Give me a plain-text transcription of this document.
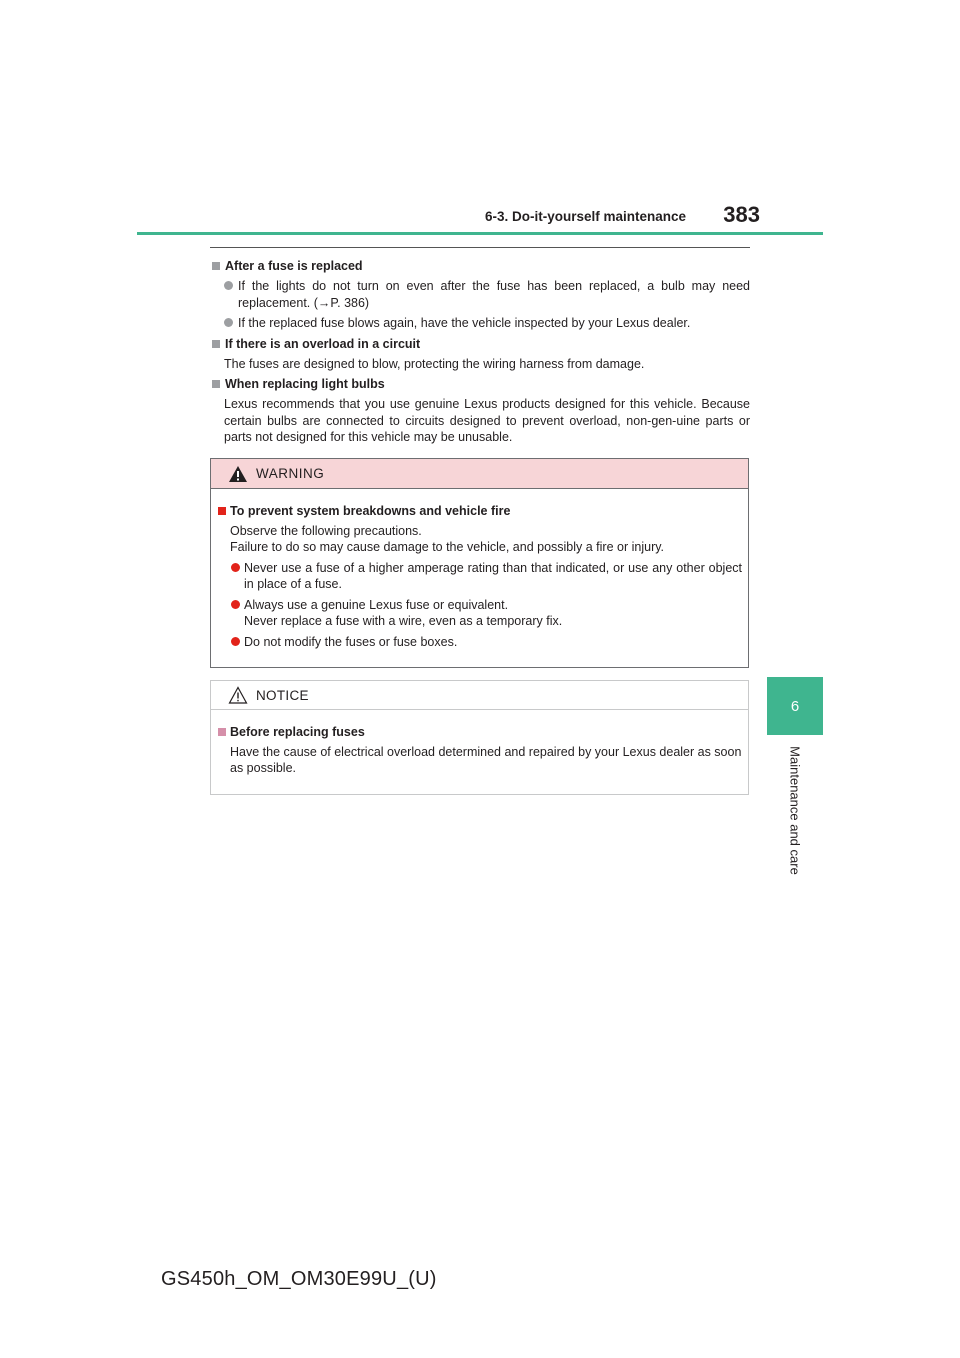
6-3. Do-it-yourself maintenance	383
6
Maintenance and care
After a fuse is replaced
If the lights do not turn on even after the fuse has been replaced, a bulb may need replacement. (→P. 386)
If the replaced fuse blows again, have the vehicle inspected by your Lexus dealer.
If there is an overload in a circuit
The fuses are designed to blow, protecting the wiring harness from damage.
When replacing light bulbs
Lexus recommends that you use genuine Lexus products designed for this vehicle. Because certain bulbs are connected to circuits designed to prevent overload, non-gen-uine parts or parts not designed for this vehicle may be unusable.
WARNING
To prevent system breakdowns and vehicle fire
Observe the following precautions.
Failure to do so may cause damage to the vehicle, and possibly a fire or injury.
Never use a fuse of a higher amperage rating than that indicated, or use any other object in place of a fuse.
Always use a genuine Lexus fuse or equivalent.
Never replace a fuse with a wire, even as a temporary fix.
Do not modify the fuses or fuse boxes.
NOTICE
Before replacing fuses
Have the cause of electrical overload determined and repaired by your Lexus dealer as soon as possible.
GS450h_OM_OM30E99U_(U)
